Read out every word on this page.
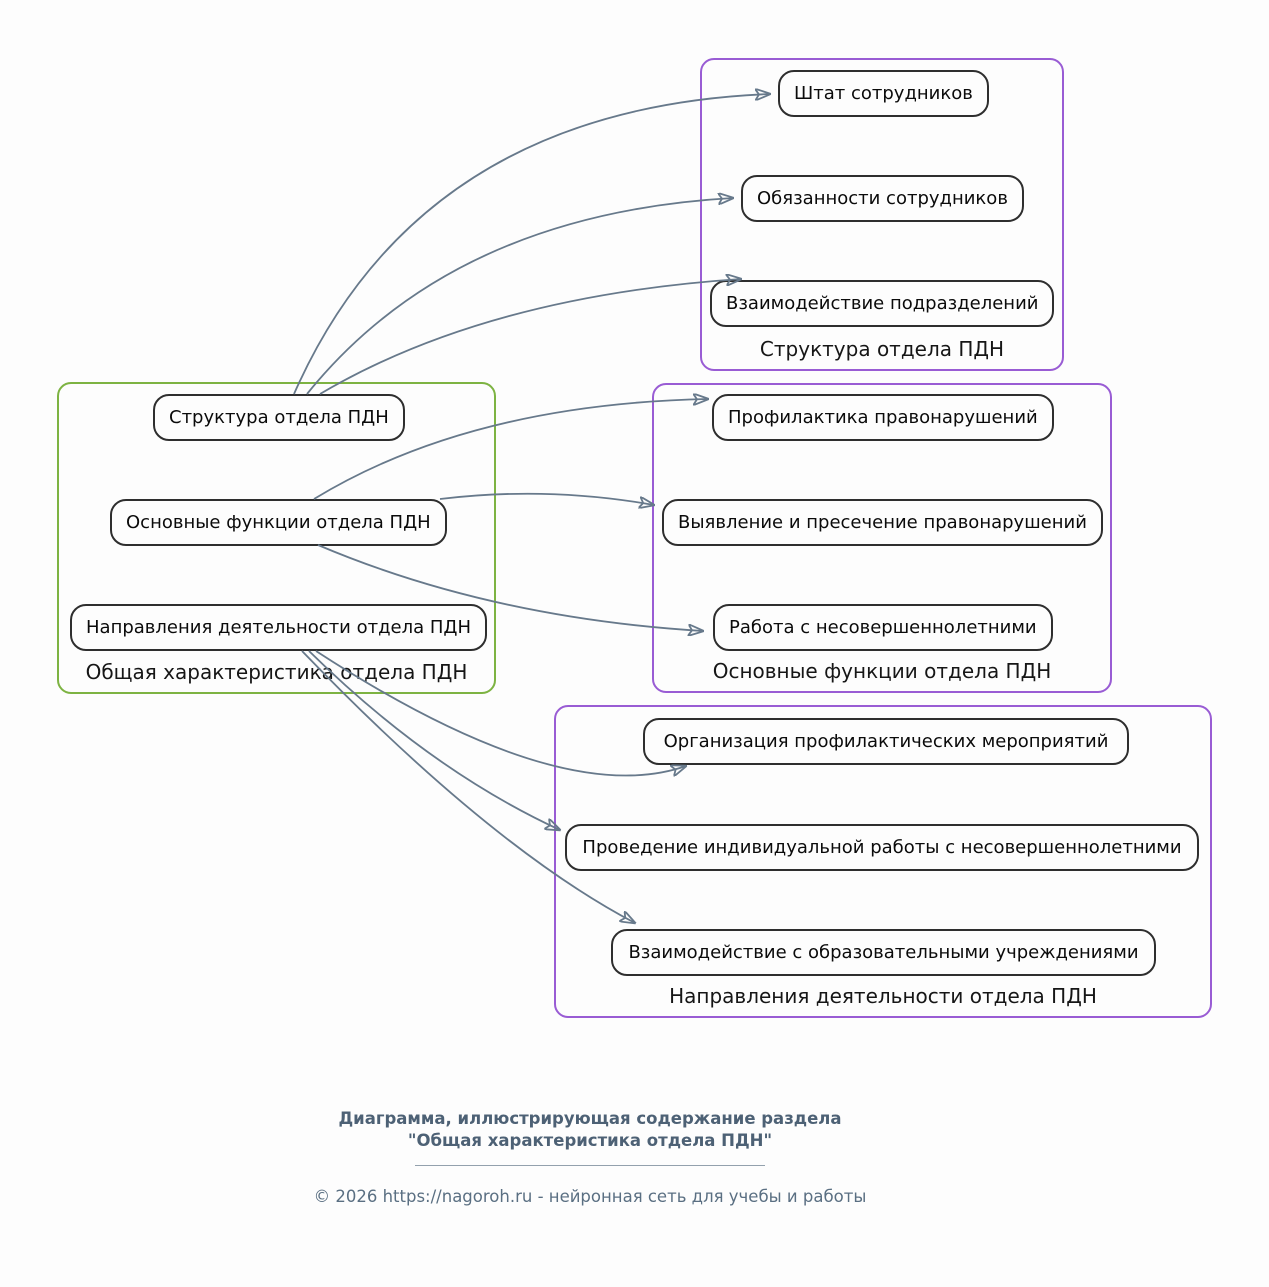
Общая характеристика отдела ПДН
Структура отдела ПДН
Основные функции отдела ПДН
Направления деятельности отдела ПДН
Структура отдела ПДН
Основные функции отдела ПДН
Направления деятельности отдела ПДН
Штат сотрудников
Обязанности сотрудников
Взаимодействие подразделений
Профилактика правонарушений
Выявление и пресечение правонарушений
Работа с несовершеннолетними
Организация профилактических мероприятий
Проведение индивидуальной работы с несовершеннолетними
Взаимодействие с образовательными учреждениями
Диаграмма, иллюстрирующая содержание раздела
"Общая характеристика отдела ПДН"
© 2026 https://nagoroh.ru - нейронная сеть для учебы и работы
